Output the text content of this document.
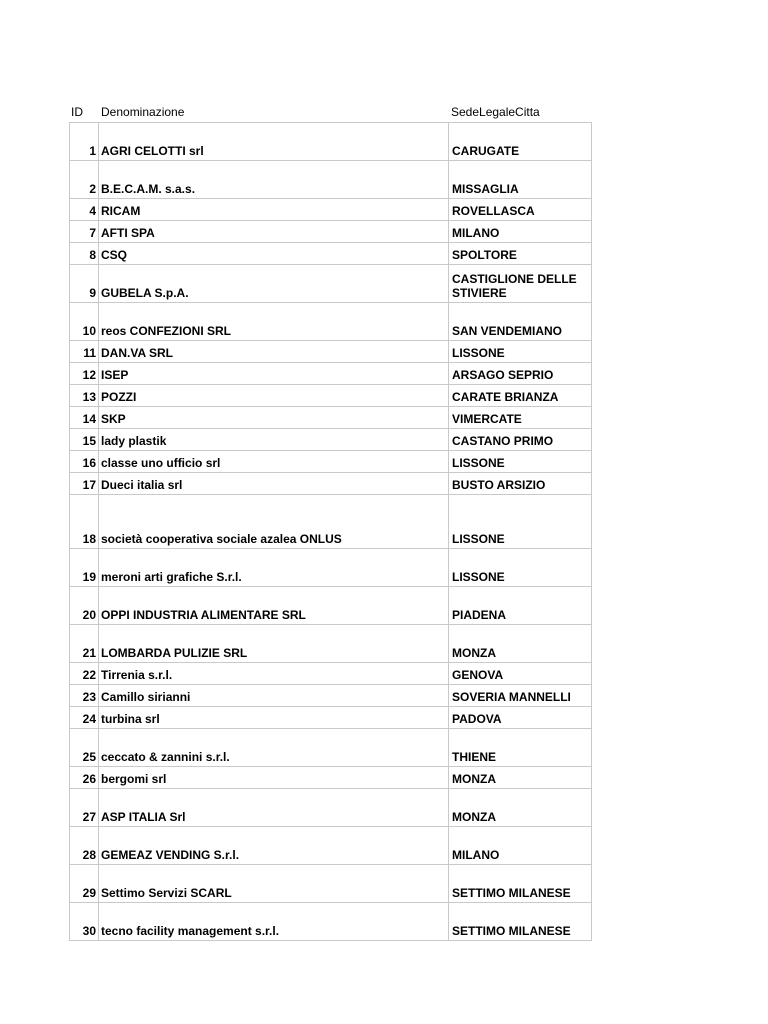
ID Denominazione	SedeLegaleCitta
1	AGRI CELOTTI srl	CARUGATE
2	B.E.C.A.M. s.a.s.	MISSAGLIA
4	RICAM	ROVELLASCA
7	AFTI SPA	MILANO
8	CSQ	SPOLTORE
9	GUBELA S.p.A.	CASTIGLIONE DELLE STIVIERE
10	reos CONFEZIONI SRL	SAN VENDEMIANO
11	DAN.VA SRL	LISSONE
12	ISEP	ARSAGO SEPRIO
13	POZZI	CARATE BRIANZA
14	SKP	VIMERCATE
15	lady plastik	CASTANO PRIMO
16	classe uno ufficio srl	LISSONE
17	Dueci italia srl	BUSTO ARSIZIO
18	società cooperativa sociale azalea ONLUS	LISSONE
19	meroni arti grafiche S.r.l.	LISSONE
20	OPPI INDUSTRIA ALIMENTARE SRL	PIADENA
21	LOMBARDA PULIZIE SRL	MONZA
22	Tirrenia s.r.l.	GENOVA
23	Camillo sirianni	SOVERIA MANNELLI
24	turbina srl	PADOVA
25	ceccato & zannini s.r.l.	THIENE
26	bergomi srl	MONZA
27	ASP ITALIA Srl	MONZA
28	GEMEAZ VENDING S.r.l.	MILANO
29	Settimo Servizi SCARL	SETTIMO MILANESE
30	tecno facility management s.r.l.	SETTIMO MILANESE
